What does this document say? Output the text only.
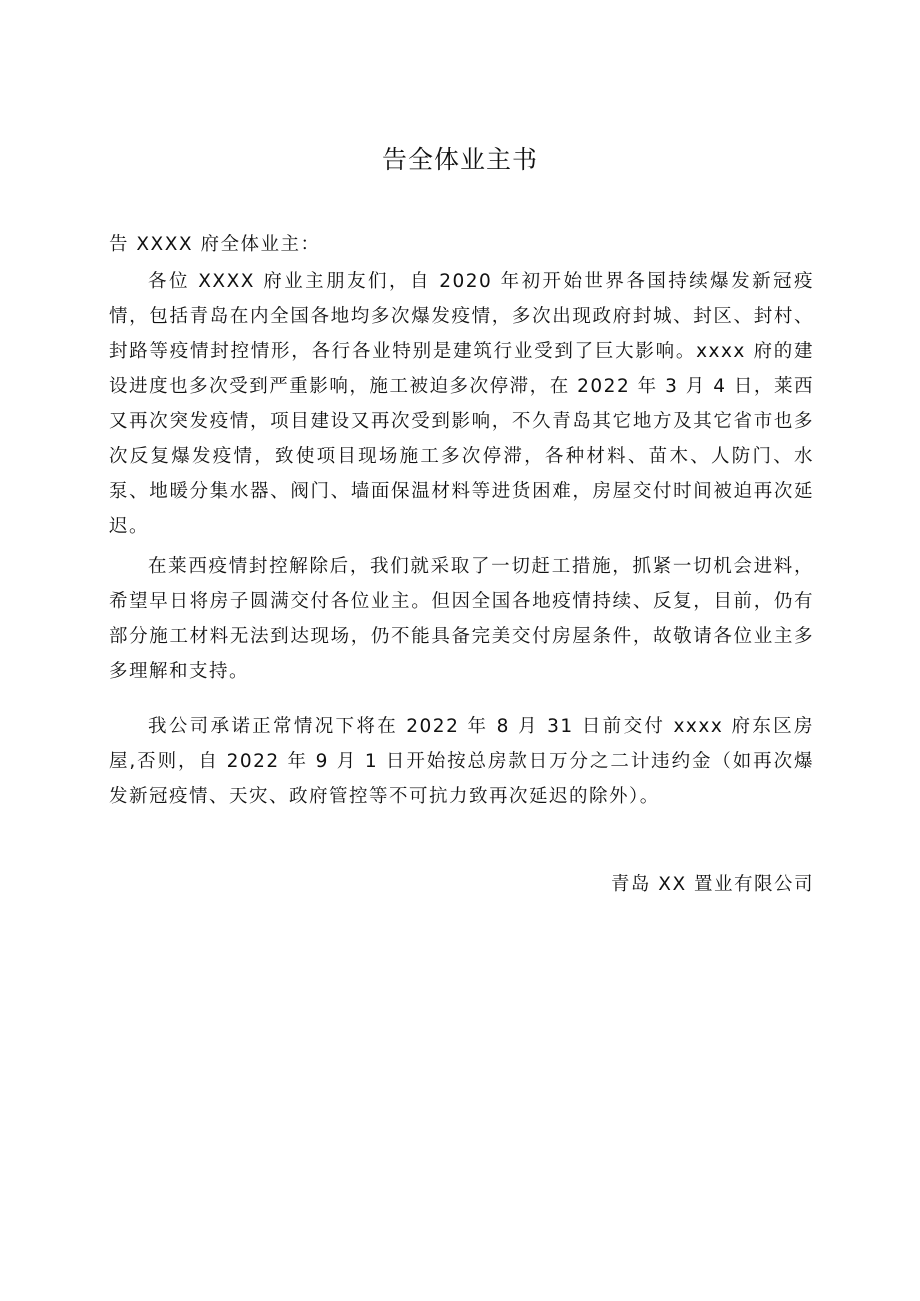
告全体业主书
告 XXXX 府全体业主：
各位 XXXX 府业主朋友们，自 2020 年初开始世界各国持续爆发新冠疫情，包括青岛在内全国各地均多次爆发疫情，多次出现政府封城、封区、封村、封路等疫情封控情形，各行各业特别是建筑行业受到了巨大影响。xxxx 府的建设进度也多次受到严重影响，施工被迫多次停滞，在 2022 年 3 月 4 日，莱西又再次突发疫情，项目建设又再次受到影响，不久青岛其它地方及其它省市也多次反复爆发疫情，致使项目现场施工多次停滞，各种材料、苗木、人防门、水泵、地暖分集水器、阀门、墙面保温材料等进货困难，房屋交付时间被迫再次延迟。
在莱西疫情封控解除后，我们就采取了一切赶工措施，抓紧一切机会进料，希望早日将房子圆满交付各位业主。但因全国各地疫情持续、反复，目前，仍有部分施工材料无法到达现场，仍不能具备完美交付房屋条件，故敬请各位业主多多理解和支持。
我公司承诺正常情况下将在 2022 年 8 月 31 日前交付 xxxx 府东区房屋,否则，自 2022 年 9 月 1 日开始按总房款日万分之二计违约金（如再次爆发新冠疫情、天灾、政府管控等不可抗力致再次延迟的除外）。
青岛 XX 置业有限公司
